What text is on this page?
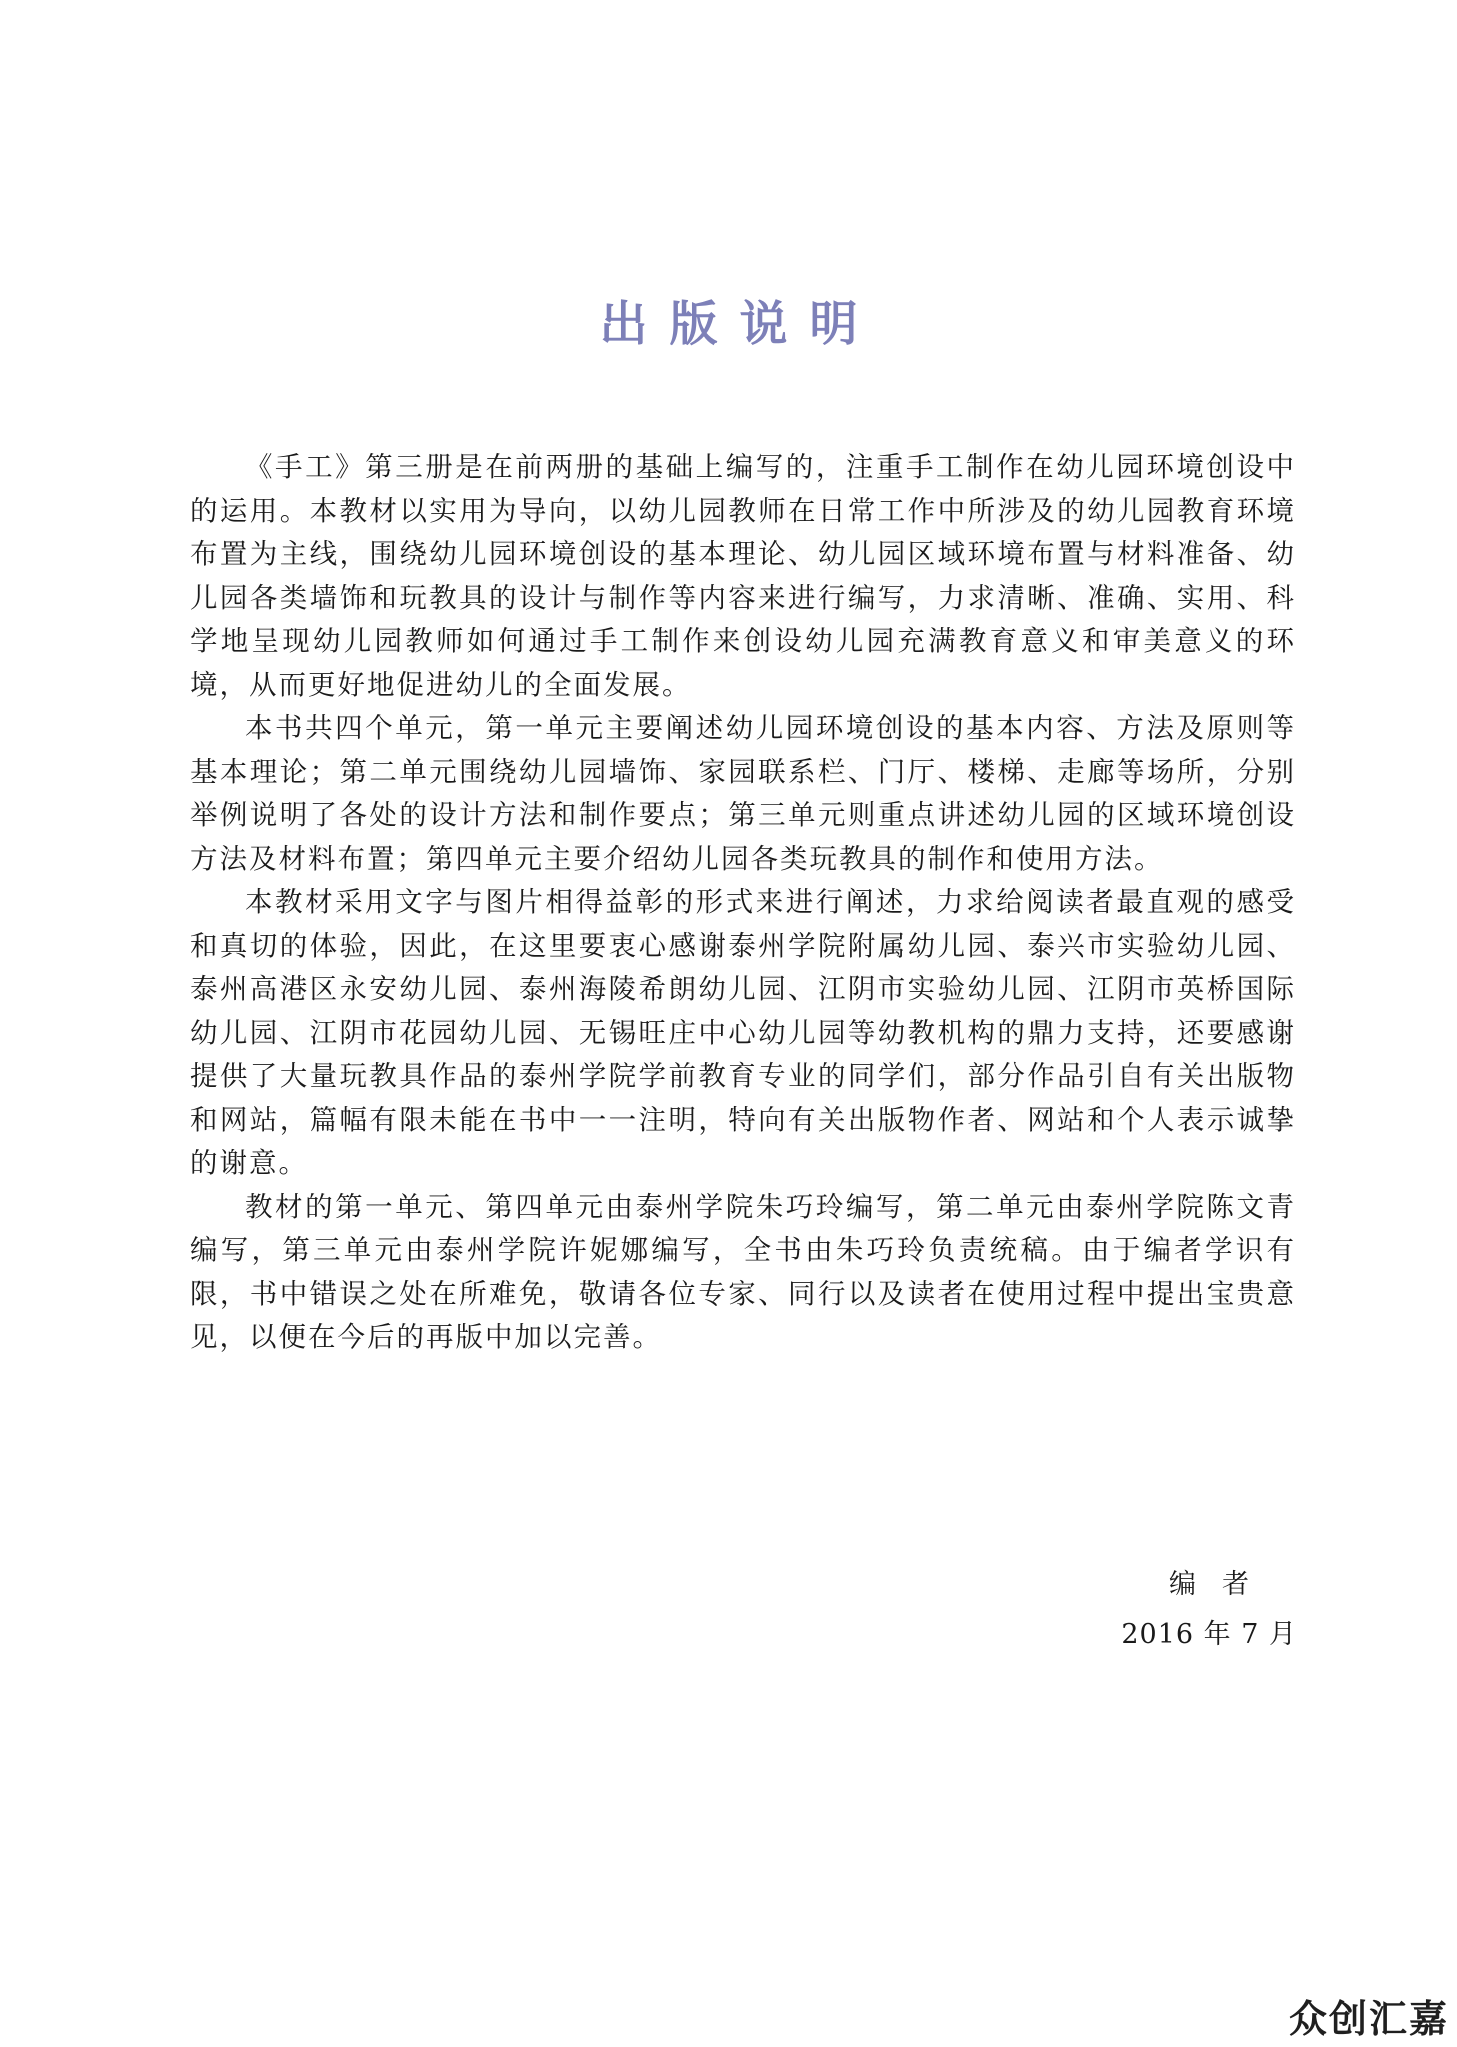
出版说明

《手工》第三册是在前两册的基础上编写的，注重手工制作在幼儿园环境创设中的运用。本教材以实用为导向，以幼儿园教师在日常工作中所涉及的幼儿园教育环境布置为主线，围绕幼儿园环境创设的基本理论、幼儿园区域环境布置与材料准备、幼儿园各类墙饰和玩教具的设计与制作等内容来进行编写，力求清晰、准确、实用、科学地呈现幼儿园教师如何通过手工制作来创设幼儿园充满教育意义和审美意义的环境，从而更好地促进幼儿的全面发展。

本书共四个单元，第一单元主要阐述幼儿园环境创设的基本内容、方法及原则等基本理论；第二单元围绕幼儿园墙饰、家园联系栏、门厅、楼梯、走廊等场所，分别举例说明了各处的设计方法和制作要点；第三单元则重点讲述幼儿园的区域环境创设方法及材料布置；第四单元主要介绍幼儿园各类玩教具的制作和使用方法。

本教材采用文字与图片相得益彰的形式来进行阐述，力求给阅读者最直观的感受和真切的体验，因此，在这里要衷心感谢泰州学院附属幼儿园、泰兴市实验幼儿园、泰州高港区永安幼儿园、泰州海陵希朗幼儿园、江阴市实验幼儿园、江阴市英桥国际幼儿园、江阴市花园幼儿园、无锡旺庄中心幼儿园等幼教机构的鼎力支持，还要感谢提供了大量玩教具作品的泰州学院学前教育专业的同学们，部分作品引自有关出版物和网站，篇幅有限未能在书中一一注明，特向有关出版物作者、网站和个人表示诚挚的谢意。

教材的第一单元、第四单元由泰州学院朱巧玲编写，第二单元由泰州学院陈文青编写，第三单元由泰州学院许妮娜编写，全书由朱巧玲负责统稿。由于编者学识有限，书中错误之处在所难免，敬请各位专家、同行以及读者在使用过程中提出宝贵意见，以便在今后的再版中加以完善。

编者
2016 年 7 月
众创汇嘉
